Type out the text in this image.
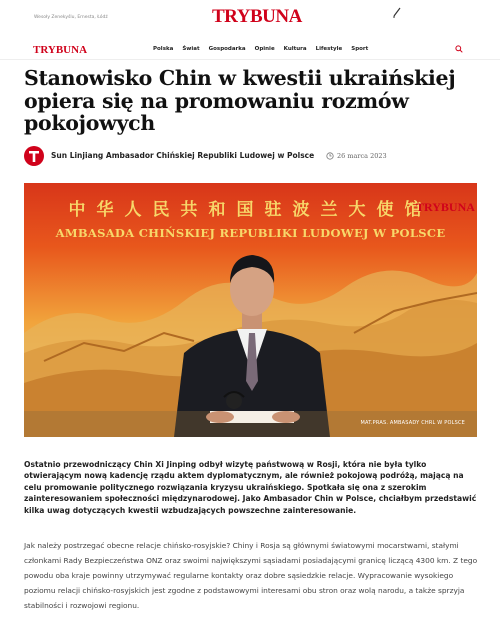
Wesoły Zenekyślu, Ernesta, Łódź	TRYBUNA
TRYBUNA	Polska Świat Gospodarka Opinie Kultura Lifestyle Sport
Stanowisko Chin w kwestii ukraińskiej opiera się na promowaniu rozmów pokojowych
Sun Linjiang Ambasador Chińskiej Republiki Ludowej w Polsce	26 marca 2023
中华人民共和国驻波兰大使馆
AMBASADA CHIŃSKIEJ REPUBLIKI LUDOWEJ W POLSCE
TRYBUNA
MAT.PRAS. AMBASADY CHRL W POLSCE

Ostatnio przewodniczący Chin Xi Jinping odbył wizytę państwową w Rosji, która nie była tylko otwierającym nową kadencję rządu aktem dyplomatycznym, ale również pokojową podróżą, mającą na celu promowanie politycznego rozwiązania kryzysu ukraińskiego. Spotkała się ona z szerokim zainteresowaniem społeczności międzynarodowej. Jako Ambasador Chin w Polsce, chciałbym przedstawić kilka uwag dotyczących kwestii wzbudzających powszechne zainteresowanie.

Jak należy postrzegać obecne relacje chińsko-rosyjskie? Chiny i Rosja są głównymi światowymi mocarstwami, stałymi członkami Rady Bezpieczeństwa ONZ oraz swoimi największymi sąsiadami posiadającymi granicę liczącą 4300 km. Z tego powodu oba kraje powinny utrzymywać regularne kontakty oraz dobre sąsiedzkie relacje. Wypracowanie wysokiego poziomu relacji chińsko-rosyjskich jest zgodne z podstawowymi interesami obu stron oraz wolą narodu, a także sprzyja stabilności i rozwojowi regionu.
